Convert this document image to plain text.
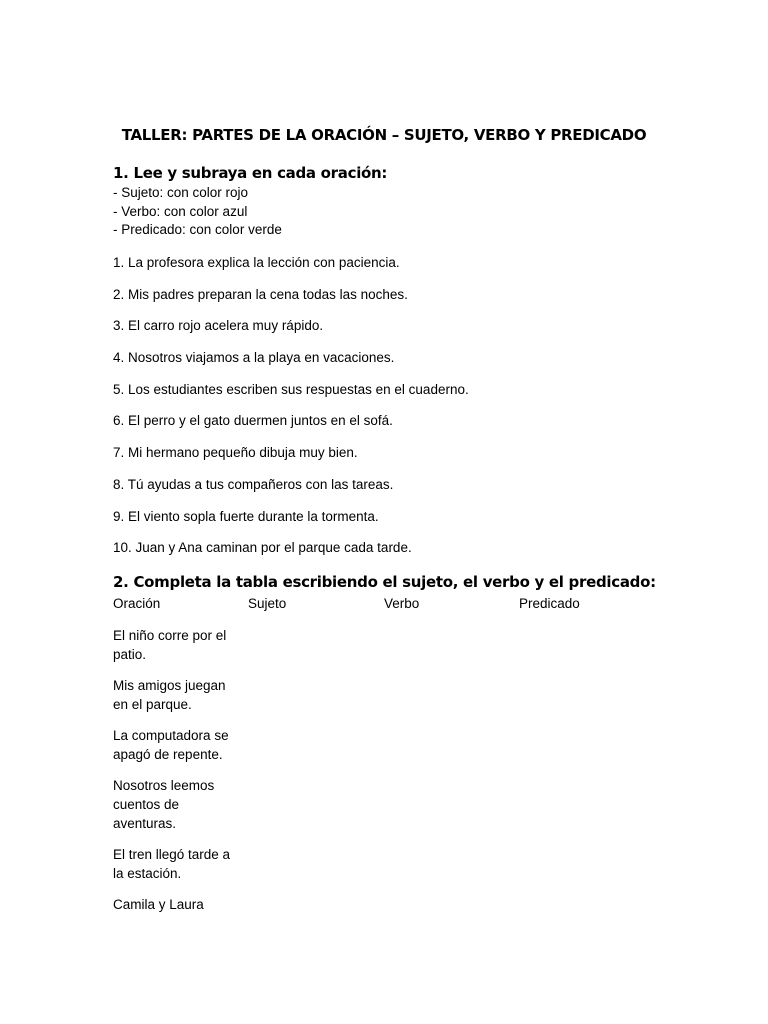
TALLER: PARTES DE LA ORACIÓN – SUJETO, VERBO Y PREDICADO
1. Lee y subraya en cada oración:
- Sujeto: con color rojo
- Verbo: con color azul
- Predicado: con color verde
1. La profesora explica la lección con paciencia.
2. Mis padres preparan la cena todas las noches.
3. El carro rojo acelera muy rápido.
4. Nosotros viajamos a la playa en vacaciones.
5. Los estudiantes escriben sus respuestas en el cuaderno.
6. El perro y el gato duermen juntos en el sofá.
7. Mi hermano pequeño dibuja muy bien.
8. Tú ayudas a tus compañeros con las tareas.
9. El viento sopla fuerte durante la tormenta.
10. Juan y Ana caminan por el parque cada tarde.
2. Completa la tabla escribiendo el sujeto, el verbo y el predicado:
Oración	Sujeto	Verbo	Predicado
El niño corre por el patio.
Mis amigos juegan en el parque.
La computadora se apagó de repente.
Nosotros leemos cuentos de aventuras.
El tren llegó tarde a la estación.
Camila y Laura
